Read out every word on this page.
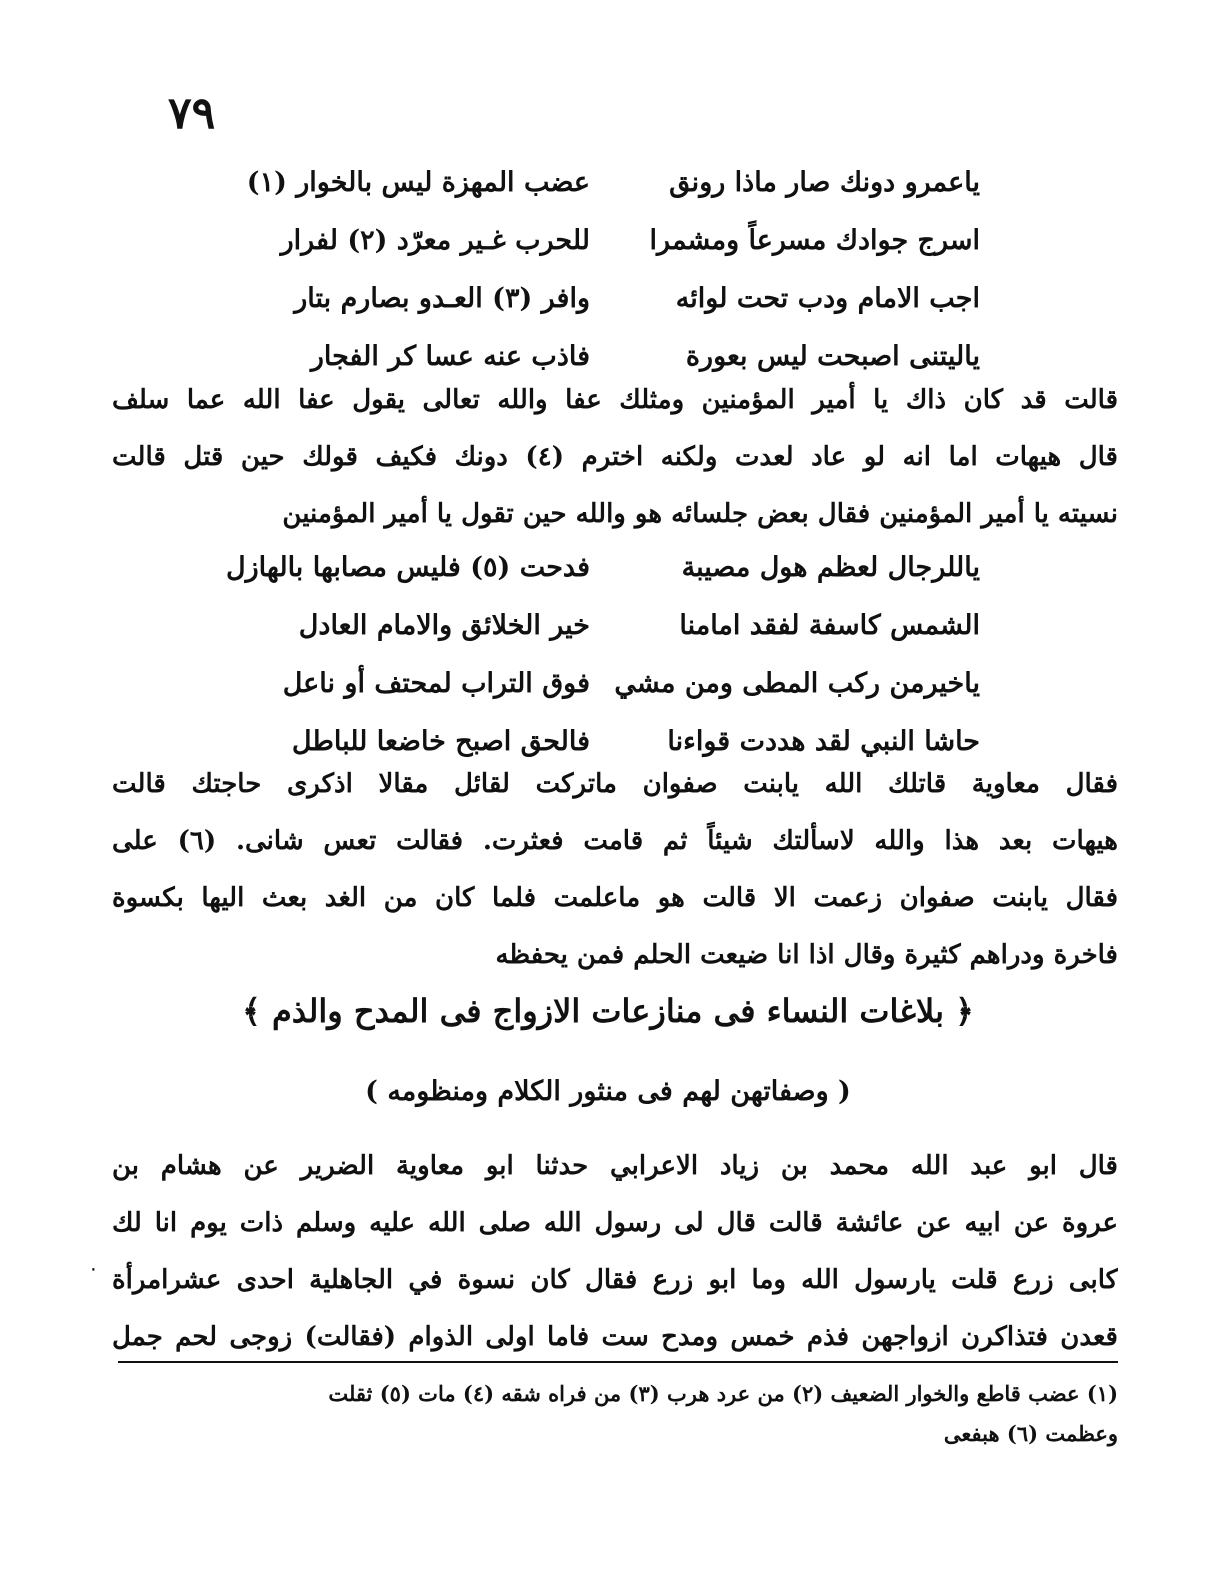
٧٩
ياعمرو دونك صار ماذا رونق
عضب المهزة ليس بالخوار (١)
اسرج جوادك مسرعاً ومشمرا
للحرب غـير معرّد (٢) لفرار
اجب الامام ودب تحت لوائه
وافر (٣) العـدو بصارم بتار
ياليتنى اصبحت ليس بعورة
فاذب عنه عسا كر الفجار

قالت قد كان ذاك يا أمير المؤمنين ومثلك عفا والله تعالى يقول عفا الله عما سلف

قال هيهات اما انه لو عاد لعدت ولكنه اخترم (٤) دونك فكيف قولك حين قتل قالت

نسيته يا أمير المؤمنين فقال بعض جلسائه هو والله حين تقول يا أمير المؤمنين

ياللرجال لعظم هول مصيبة
فدحت (٥) فليس مصابها بالهازل
الشمس كاسفة لفقد امامنا
خير الخلائق والامام العادل
ياخيرمن ركب المطى ومن مشي
فوق التراب لمحتف أو ناعل
حاشا النبي لقد هددت قواءنا
فالحق اصبح خاضعا للباطل

فقال معاوية قاتلك الله يابنت صفوان ماتركت لقائل مقالا اذكرى حاجتك قالت

هيهات بعد هذا والله لاسألتك شيئاً ثم قامت فعثرت. فقالت تعس شانى. (٦) على

فقال يابنت صفوان زعمت الا قالت هو ماعلمت فلما كان من الغد بعث اليها بكسوة

فاخرة ودراهم كثيرة وقال اذا انا ضيعت الحلم فمن يحفظه

﴿ بلاغات النساء فى منازعات الازواج فى المدح والذم ﴾
( وصفاتهن لهم فى منثور الكلام ومنظومه )

قال ابو عبد الله محمد بن زياد الاعرابي حدثنا ابو معاوية الضرير عن هشام بن

عروة عن ابيه عن عائشة قالت قال لى رسول الله صلى الله عليه وسلم ذات يوم انا لك

كابى زرع قلت يارسول الله وما ابو زرع فقال كان نسوة في الجاهلية احدى عشرامرأة

قعدن فتذاكرن ازواجهن فذم خمس ومدح ست فاما اولى الذوام (فقالت) زوجى لحم جمل

٠

(١) عضب قاطع والخوار الضعيف (٢) من عرد هرب (٣) من فراه شقه (٤) مات (٥) ثقلت

وعظمت (٦) هبفعى
